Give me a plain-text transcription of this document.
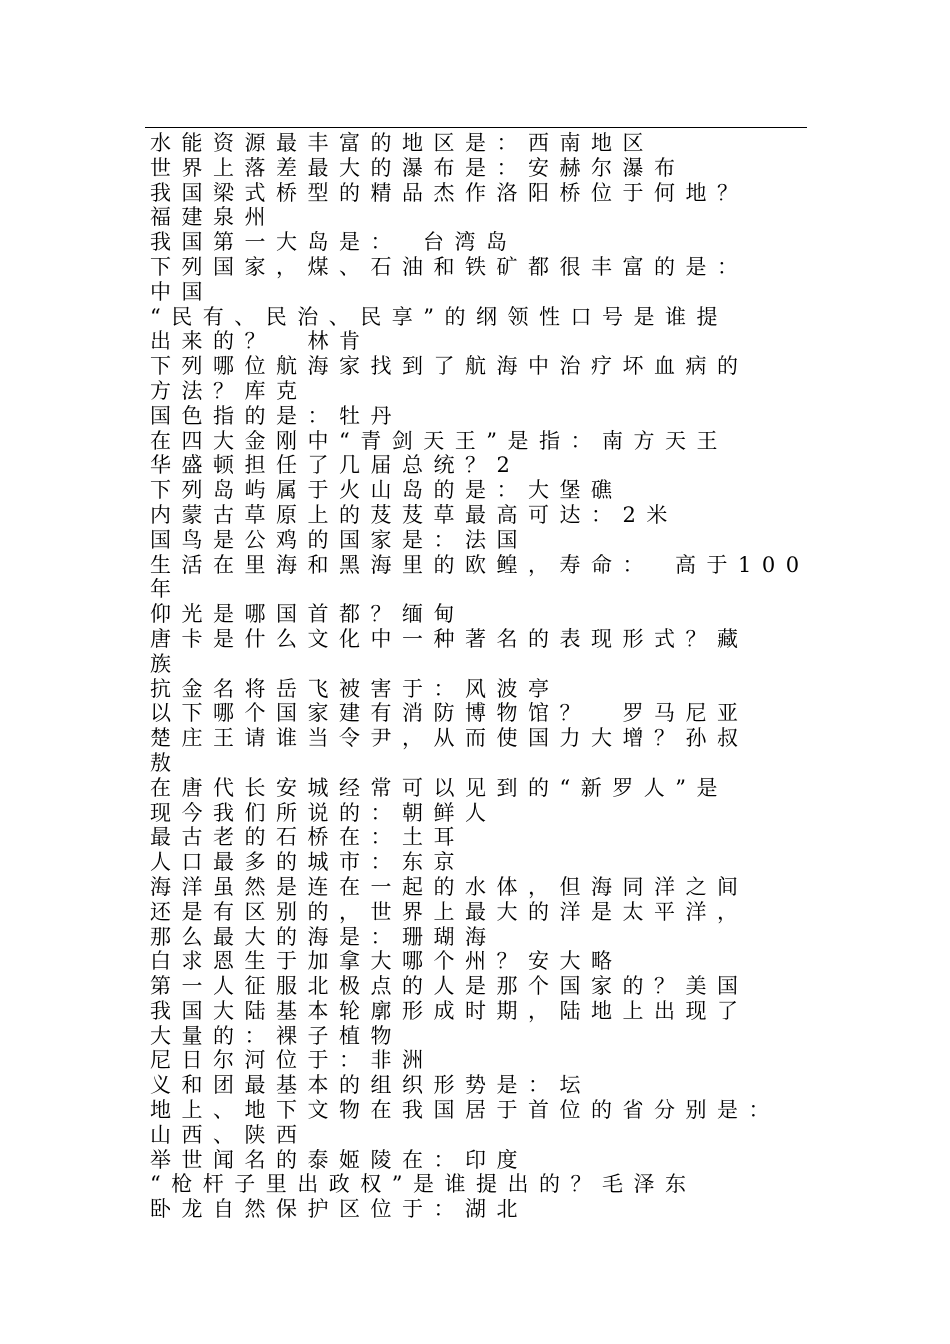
水能资源最丰富的地区是：西南地区
世界上落差最大的瀑布是：安赫尔瀑布
我国梁式桥型的精品杰作洛阳桥位于何地？
福建泉州
我国第一大岛是：　台湾岛
下列国家，煤、石油和铁矿都很丰富的是：
中国
“民有、民治、民享”的纲领性口号是谁提
出来的？　林肯
下列哪位航海家找到了航海中治疗坏血病的
方法？库克
国色指的是：牡丹
在四大金刚中“青剑天王”是指：南方天王
华盛顿担任了几届总统？2
下列岛屿属于火山岛的是：大堡礁
内蒙古草原上的芨芨草最高可达：2米
国鸟是公鸡的国家是：法国
生活在里海和黑海里的欧鳇，寿命：　高于100
年
仰光是哪国首都？缅甸
唐卡是什么文化中一种著名的表现形式？藏
族
抗金名将岳飞被害于：风波亭
以下哪个国家建有消防博物馆？　罗马尼亚
楚庄王请谁当令尹，从而使国力大增？孙叔
敖
在唐代长安城经常可以见到的“新罗人”是
现今我们所说的：朝鲜人
最古老的石桥在：土耳
人口最多的城市：东京
海洋虽然是连在一起的水体，但海同洋之间
还是有区别的，世界上最大的洋是太平洋，
那么最大的海是：珊瑚海
白求恩生于加拿大哪个州？安大略
第一人征服北极点的人是那个国家的？美国
我国大陆基本轮廓形成时期，陆地上出现了
大量的：裸子植物
尼日尔河位于：非洲
义和团最基本的组织形势是：坛
地上、地下文物在我国居于首位的省分别是：
山西、陕西
举世闻名的泰姬陵在：印度
“枪杆子里出政权”是谁提出的？毛泽东
卧龙自然保护区位于：湖北
